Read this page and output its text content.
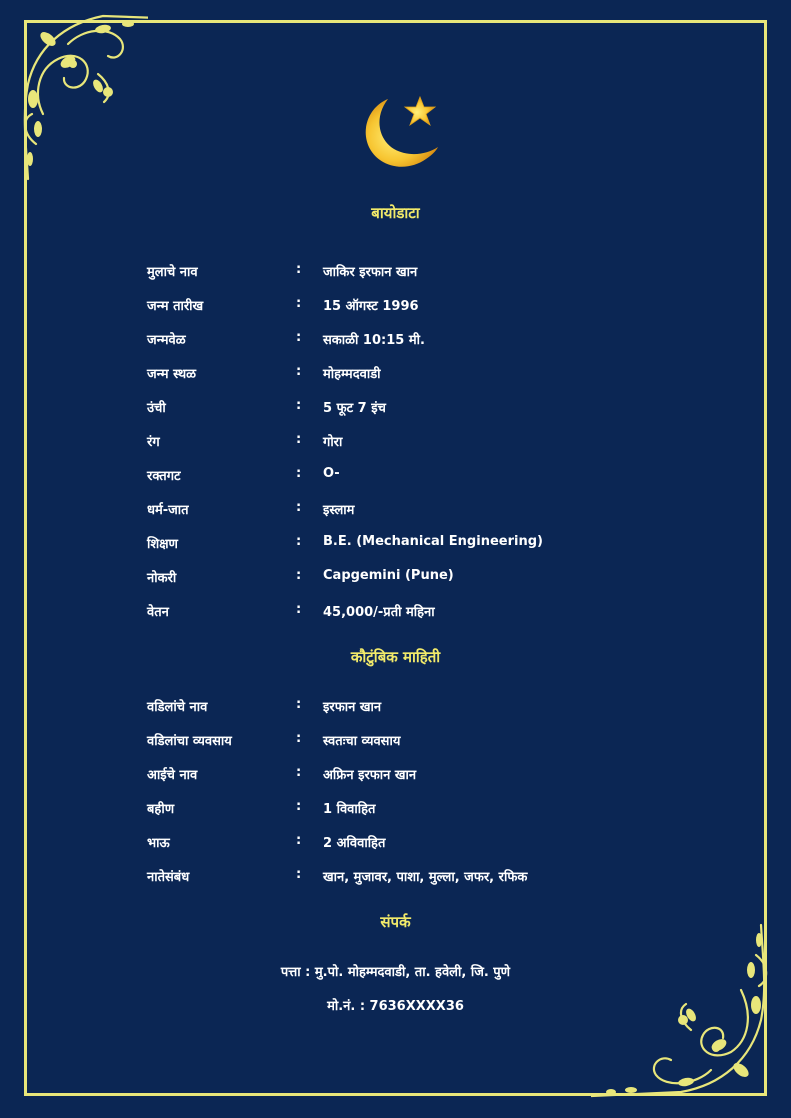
बायोडाटा
मुलाचे नाव	: जाकिर इरफान खान
जन्म तारीख	: 15 ऑगस्ट 1996
जन्मवेळ	: सकाळी 10:15 मी.
जन्म स्थळ	: मोहम्मदवाडी
उंची	: 5 फूट 7 इंच
रंग	: गोरा
रक्तगट	: O-
धर्म-जात	: इस्लाम
शिक्षण	: B.E. (Mechanical Engineering)
नोकरी	: Capgemini (Pune)
वेतन	: 45,000/-प्रती महिना
कौटुंबिक माहिती
वडिलांचे नाव	: इरफान खान
वडिलांचा व्यवसाय	: स्वतःचा व्यवसाय
आईचे नाव	: अफ्रिन इरफान खान
बहीण	: 1 विवाहित
भाऊ	: 2 अविवाहित
नातेसंबंध	: खान, मुजावर, पाशा, मुल्ला, जफर, रफिक
संपर्क
पत्ता : मु.पो. मोहम्मदवाडी, ता. हवेली, जि. पुणे
मो.नं. : 7636XXXX36
